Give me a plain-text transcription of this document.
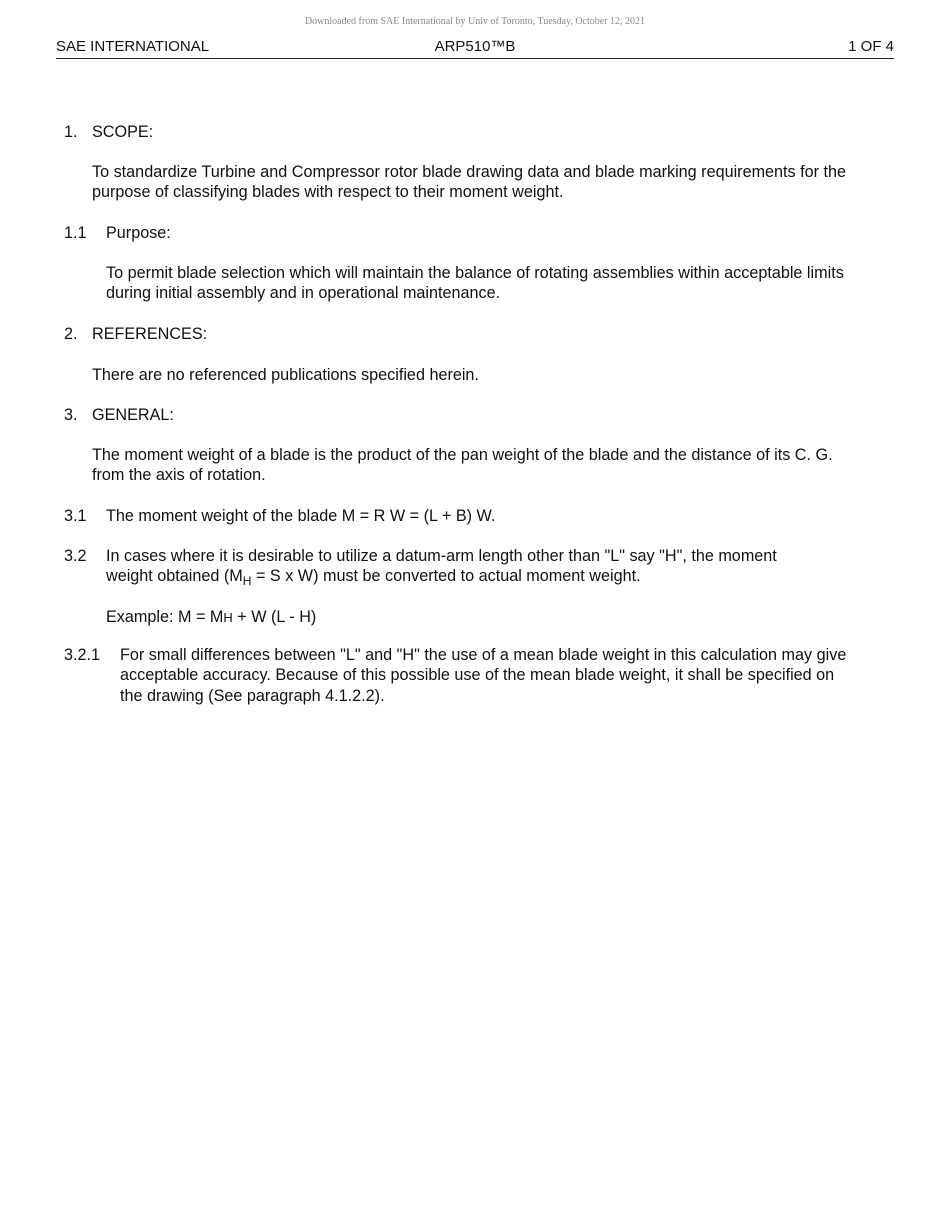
Downloaded from SAE International by Univ of Toronto, Tuesday, October 12, 2021
SAE INTERNATIONAL	ARP510™B	1 OF 4
1. SCOPE:
To standardize Turbine and Compressor rotor blade drawing data and blade marking requirements for the purpose of classifying blades with respect to their moment weight.
1.1 Purpose:
To permit blade selection which will maintain the balance of rotating assemblies within acceptable limits during initial assembly and in operational maintenance.
2. REFERENCES:
There are no referenced publications specified herein.
3. GENERAL:
The moment weight of a blade is the product of the pan weight of the blade and the distance of its C. G. from the axis of rotation.
3.1 The moment weight of the blade M = R W = (L + B) W.
3.2 In cases where it is desirable to utilize a datum-arm length other than "L" say "H", the moment
weight obtained ($M_H = S$ x W) must be converted to actual moment weight.
Example: M = MH + W (L - H)
3.2.1 For small differences between "L" and "H" the use of a mean blade weight in this calculation may give acceptable accuracy. Because of this possible use of the mean blade weight, it shall be specified on the drawing (See paragraph 4.1.2.2).
